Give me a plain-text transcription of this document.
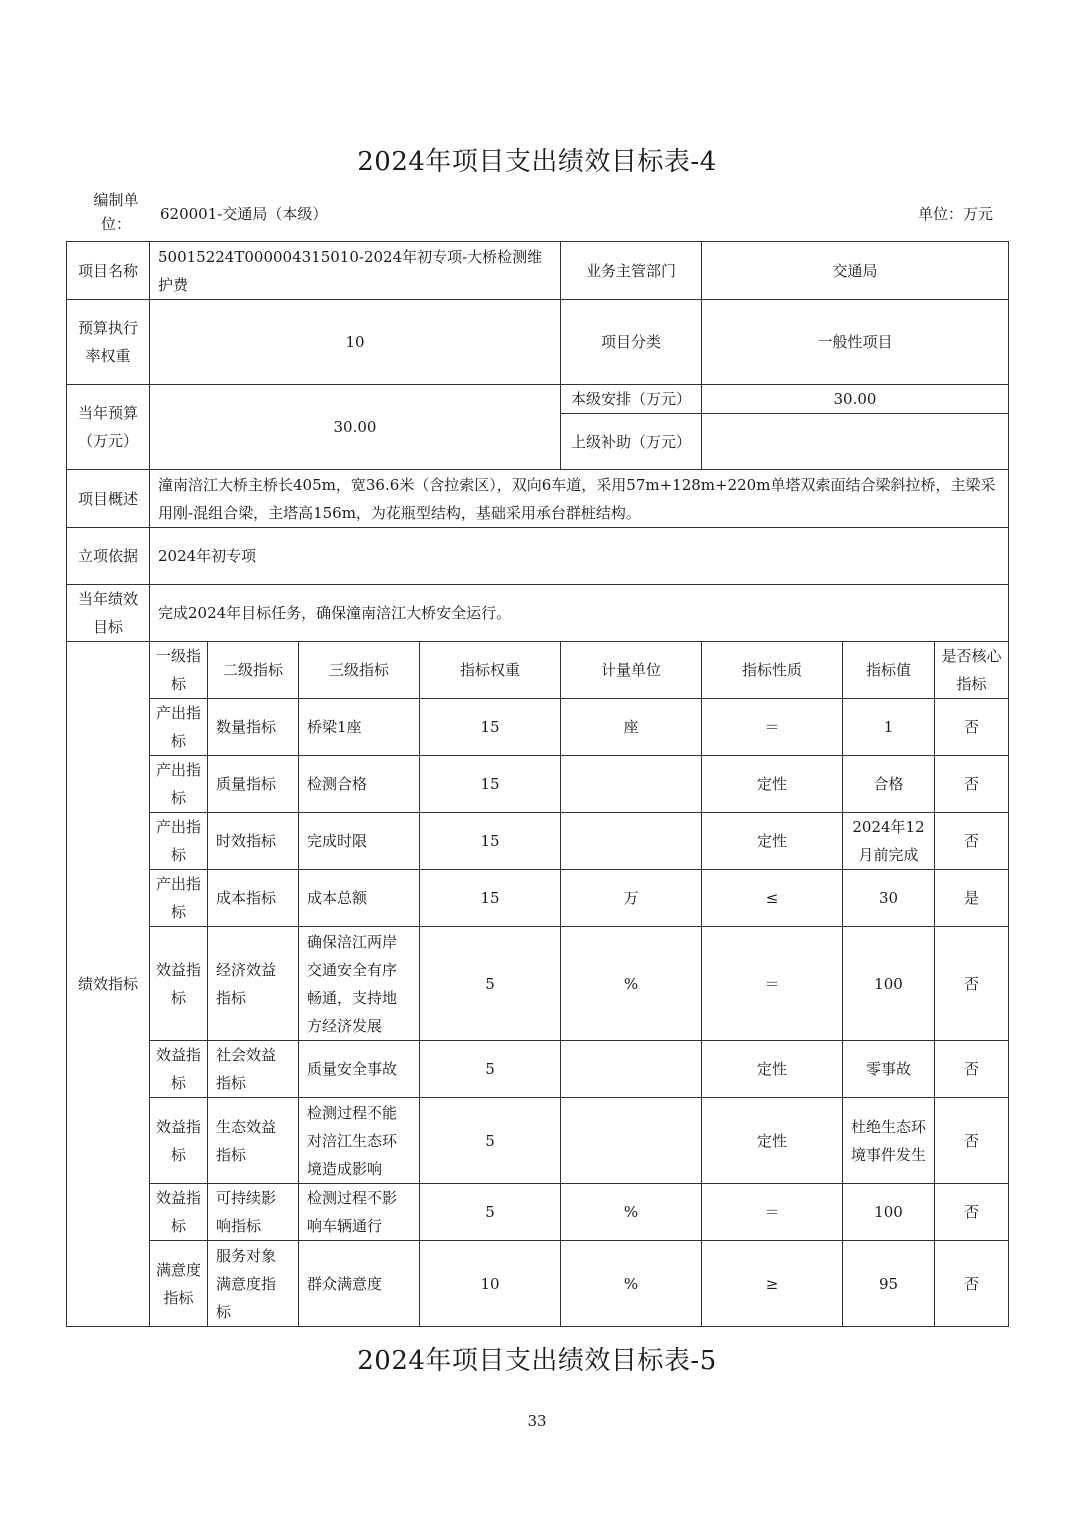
2024年项目支出绩效目标表-4
编制单位：
620001-交通局（本级）	单位：万元
项目名称	50015224T000004315010-2024年初专项-大桥检测维护费				业务主管部门	交通局		
预算执行率权重	10				项目分类	一般性项目		
当年预算（万元）	30.00				本级安排（万元）	30.00		
					上级补助（万元）			
项目概述	潼南涪江大桥主桥长405m，宽36.6米（含拉索区），双向6车道，采用57m+128m+220m单塔双索面结合梁斜拉桥，主梁采用刚-混组合梁，主塔高156m，为花瓶型结构，基础采用承台群桩结构。							
立项依据	2024年初专项							
当年绩效目标	完成2024年目标任务，确保潼南涪江大桥安全运行。							
绩效指标	一级指标	二级指标	三级指标	指标权重	计量单位	指标性质	指标值	是否核心指标
	产出指标	数量指标	桥梁1座	15	座	＝	1	否
	产出指标	质量指标	检测合格	15		定性	合格	否
	产出指标	时效指标	完成时限	15		定性	2024年12月前完成	否
	产出指标	成本指标	成本总额	15	万	≤	30	是
	效益指标	经济效益指标	确保涪江两岸交通安全有序畅通，支持地方经济发展	5	%	＝	100	否
	效益指标	社会效益指标	质量安全事故	5		定性	零事故	否
	效益指标	生态效益指标	检测过程不能对涪江生态环境造成影响	5		定性	杜绝生态环境事件发生	否
	效益指标	可持续影响指标	检测过程不影响车辆通行	5	%	＝	100	否
	满意度指标	服务对象满意度指标	群众满意度	10	%	≥	95	否
2024年项目支出绩效目标表-5
33
